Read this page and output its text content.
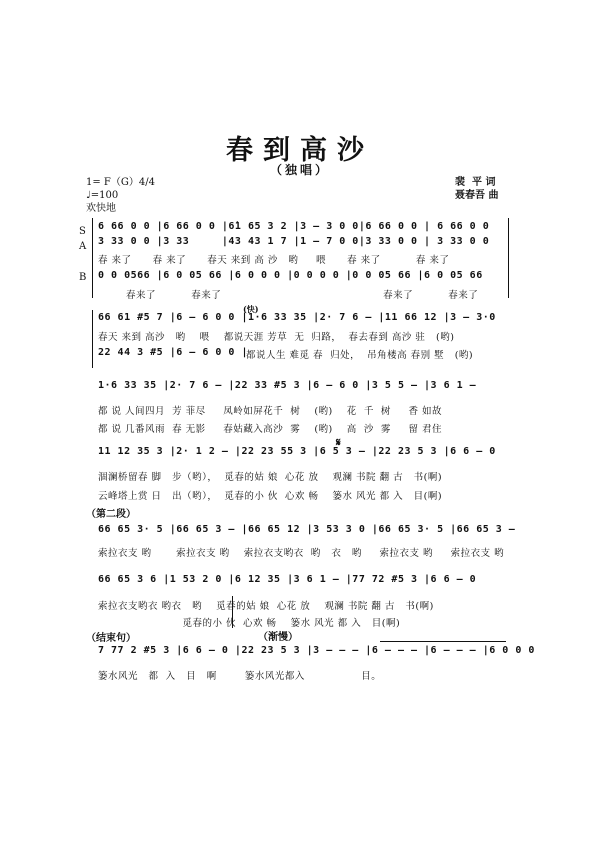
春到高沙
（独唱）
1= F（G）4/4
♩=100
欢快地
裴  平 词
聂春吾 曲
S
A
B
6 66 0 0 |6 66 0 0 |6̇1 65 3 2 |3 — 3 0 0|6 66 0 0 | 6 66 0 0
3 33 0 0 |3 33     |43 43 1 7 |1 — 7 0 0|3 33 0 0 | 3 33 0 0
春 来了      春 来了      春天 来到 高 沙   哟     喂      春 来了          春 来了
0 0 0566 |6 0 05 66 |6 0 0 0 |0 0 0 0 |0 0 05 66 |6 0 05 66
春来了          春来了                                              春来了          春来了
(快)
66 61 #5 7 |6 — 6 0 0 |1·6 33 35 |2· 7 6 — |11 66 12 |3 — 3·0
春天 来到 高沙   哟    喂    都说天涯 芳草  无  归路，  春去春到 高沙 驻   (哟)
22 44 3 #5 |6 — 6 0 0 |
都说人生 难觅 春  归处，  吊角楼高 春别 墅   (哟)
1·6 33 35 |2· 7 6 — |22 33 #5 3 |6 — 6 0 |3 5 5 — |3 6 1 —
都 说 人间四月  芳 菲尽     凤岭如屏花千  树    (哟)    花  千  树     香 如故
都 说 几番风雨  春 无影     春姑藏入高沙  雾    (哟)    高  沙  雾     留 君住
11 12 35 3 |2· 1 2 — |22 23 55 3 |6 5 3 — |22 23 5 3 |6 6 — 0
涸澜桥留春 脚   步（哟），  觅春的姑 娘  心花 放    观澜 书院 翻 古   书(啊)
云峰塔上赏 日   出（哟），  觅春的小 伙  心欢 畅    篓水 风光 都 入   目(啊)
𝄋
（第二段）
66 65 3· 5 |66 65 3 — |66 65 12 |3 53 3 0 |66 65 3· 5 |66 65 3 —
索拉衣支 哟       索拉衣支 哟    索拉衣支哟衣  哟   衣   哟     索拉衣支 哟     索拉衣支 哟
66 65 3 6 |1 53 2 0 |6 12 35 |3 6 1 — |77 72 #5 3 |6 6 — 0
索拉衣支哟衣 哟衣   哟    觅春的姑 娘  心花 放    观澜 书院 翻 古   书(啊)
觅春的小 伙  心欢 畅    篓水 风光 都 入   目(啊)
（结束句）	（渐慢）
7 77 2 #5 3 |6 6 — 0 |22 23 5 3 |3 — — — |6 — — — |6 — — — |6 0 0 0
篓水风光   都  入   目   啊        篓水风光都入                目。
